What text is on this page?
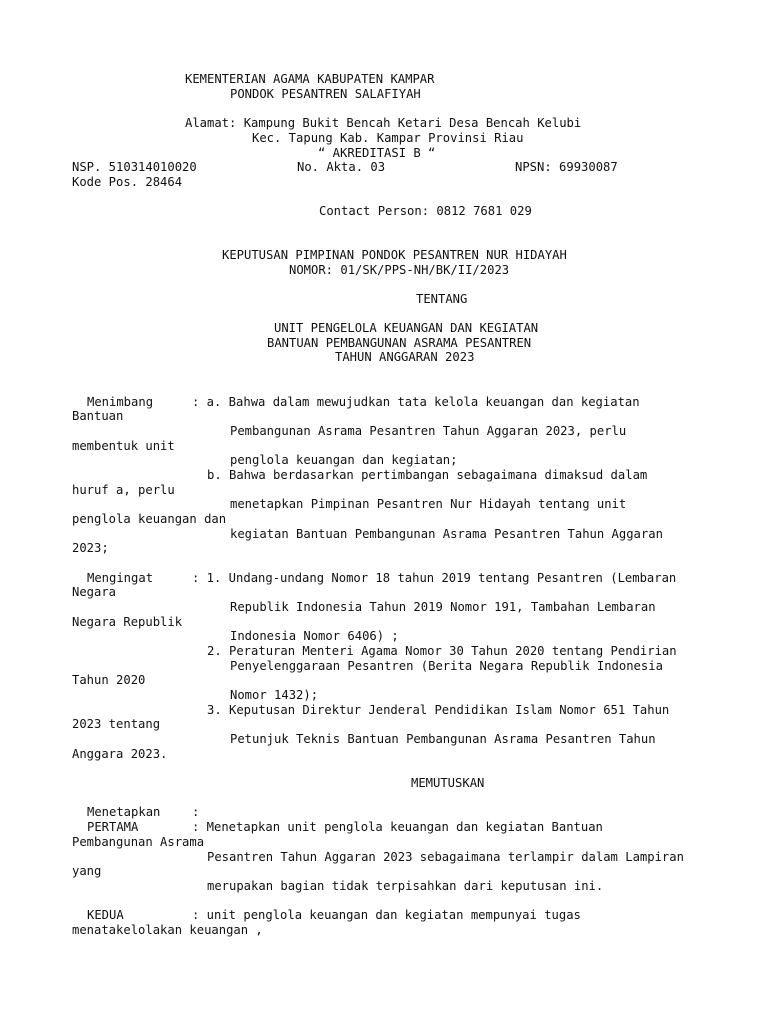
KEMENTERIAN AGAMA KABUPATEN KAMPAR

PONDOK PESANTREN SALAFIYAH

Alamat: Kampung Bukit Bencah Ketari Desa Bencah Kelubi

Kec. Tapung Kab. Kampar Provinsi Riau

“ AKREDITASI B “

NSP. 510314010020	No. Akta. 03	NPSN: 69930087

Kode Pos. 28464

Contact Person: 0812 7681 029

KEPUTUSAN PIMPINAN PONDOK PESANTREN NUR HIDAYAH

NOMOR: 01/SK/PPS-NH/BK/II/2023

TENTANG

UNIT PENGELOLA KEUANGAN DAN KEGIATAN

BANTUAN PEMBANGUNAN ASRAMA PESANTREN

TAHUN ANGGARAN 2023

Menimbang	: a. Bahwa dalam mewujudkan tata kelola keuangan dan kegiatan

Bantuan

Pembangunan Asrama Pesantren Tahun Aggaran 2023, perlu

membentuk unit

penglola keuangan dan kegiatan;

b. Bahwa berdasarkan pertimbangan sebagaimana dimaksud dalam

huruf a, perlu

menetapkan Pimpinan Pesantren Nur Hidayah tentang unit

penglola keuangan dan

kegiatan Bantuan Pembangunan Asrama Pesantren Tahun Aggaran

2023;

Mengingat	: 1. Undang-undang Nomor 18 tahun 2019 tentang Pesantren (Lembaran

Negara

Republik Indonesia Tahun 2019 Nomor 191, Tambahan Lembaran

Negara Republik

Indonesia Nomor 6406) ;

2. Peraturan Menteri Agama Nomor 30 Tahun 2020 tentang Pendirian

Penyelenggaraan Pesantren (Berita Negara Republik Indonesia

Tahun 2020

Nomor 1432);

3. Keputusan Direktur Jenderal Pendidikan Islam Nomor 651 Tahun

2023 tentang

Petunjuk Teknis Bantuan Pembangunan Asrama Pesantren Tahun

Anggara 2023.

MEMUTUSKAN

Menetapkan	:

PERTAMA	: Menetapkan unit penglola keuangan dan kegiatan Bantuan

Pembangunan Asrama

Pesantren Tahun Aggaran 2023 sebagaimana terlampir dalam Lampiran

yang

merupakan bagian tidak terpisahkan dari keputusan ini.

KEDUA	: unit penglola keuangan dan kegiatan mempunyai tugas

menatakelolakan keuangan ,
